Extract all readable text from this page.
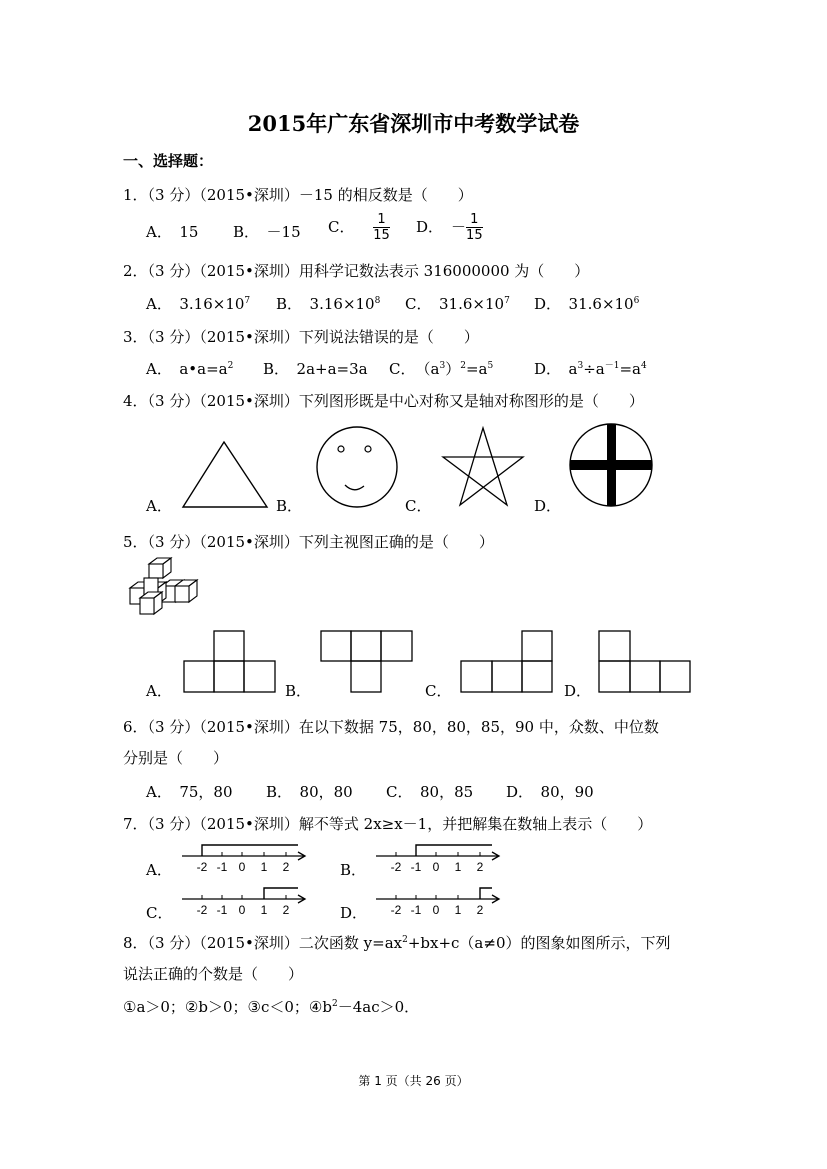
2015年广东省深圳市中考数学试卷
一、选择题：
1．（3 分）（2015•深圳）－15 的相反数是（　　）
A．　15 B．　－15 C． $\frac{1}{15}$ D． － $\frac{1}{15}$
2．（3 分）（2015•深圳）用科学记数法表示 316000000 为（　　）
A．　 $3.16\times 10^7$ B．　 $3.16\times 10^8$ C．　 $31.6\times 10^7$ D．　 $31.6\times 10^6$
3．（3 分）（2015•深圳）下列说法错误的是（　　）
A．　 $a•a=a^2$ B．　 2a+a=3a C．　 $(a^3)^2=a^5$	D．　 $a^3\div a^{-1}=a^4$
4．（3 分）（2015•深圳）下列图形既是中心对称又是轴对称图形的是（　　）
A．	B．	C．	D．
5．（3 分）（2015•深圳）下列主视图正确的是（　　）
A．	B．	C．	D．
6．（3 分）（2015•深圳）在以下数据 75，80，80，85，90 中，众数、中位数
分别是（　　）
A．　75，80 B．　80，80 C．　80，85 D．　80，90
7．（3 分）（2015•深圳）解不等式 2x≥x－1，并把解集在数轴上表示（　　）
A．	B．
C．	D．
-2 -1 0 1 2	-2 -1 0 1 2
-2 -1 0 1 2	-2 -1 0 1 2
8．（3 分）（2015•深圳）二次函数 $y=ax^2+bx+c(a\ne 0)$的图象如图所示，下列
说法正确的个数是（　　）
①a＞0；②b＞0；③c＜0；$④b^2-4ac>0$．
第 1 页（共 26 页）
